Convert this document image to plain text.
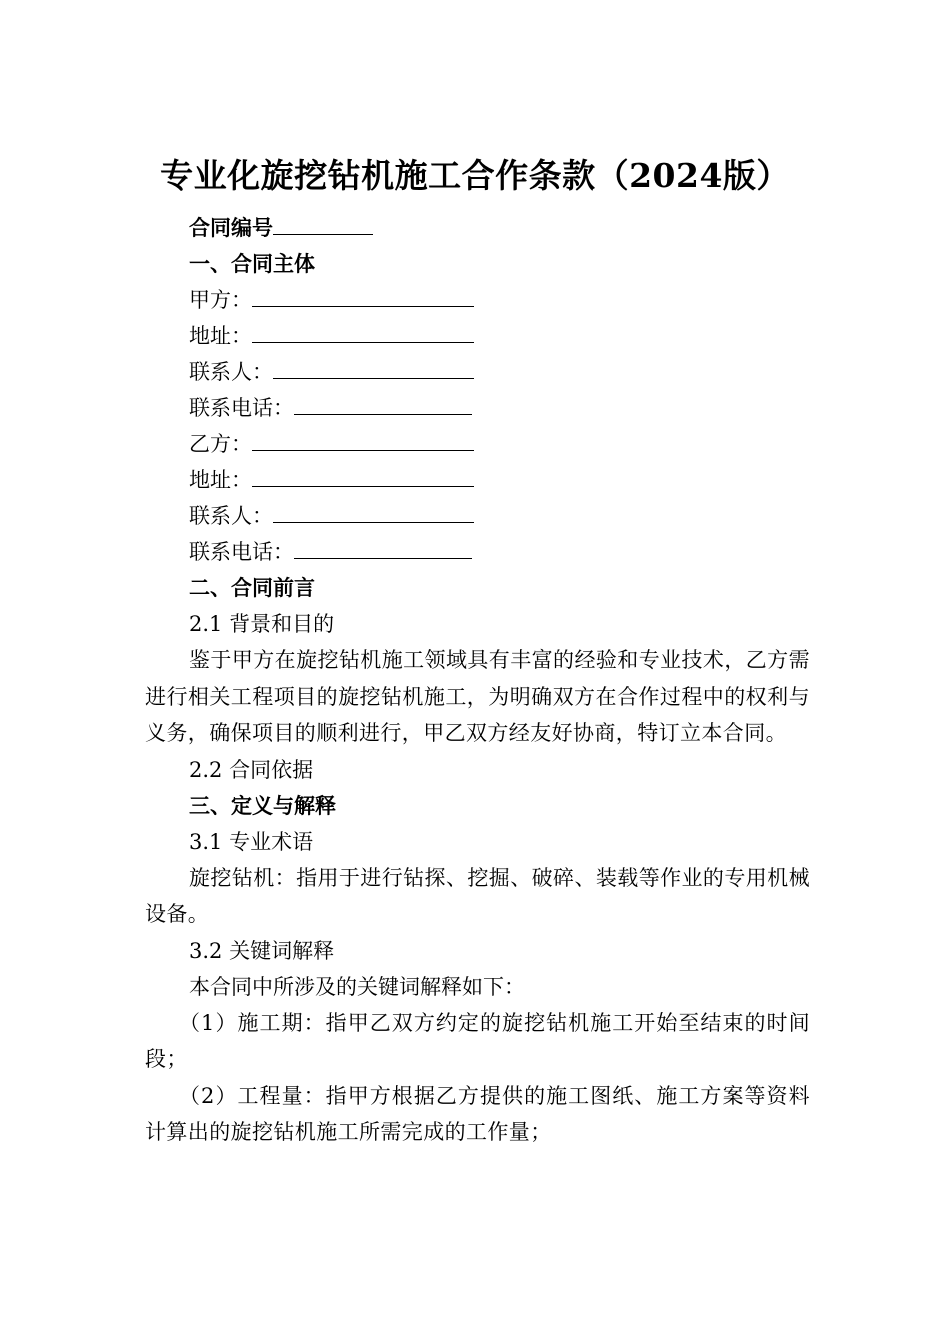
专业化旋挖钻机施工合作条款（2024版）
合同编号
一、合同主体
甲方：
地址：
联系人：
联系电话：
乙方：
地址：
联系人：
联系电话：
二、合同前言
2.1 背景和目的
鉴于甲方在旋挖钻机施工领域具有丰富的经验和专业技术，乙方需进行相关工程项目的旋挖钻机施工，为明确双方在合作过程中的权利与义务，确保项目的顺利进行，甲乙双方经友好协商，特订立本合同。
2.2 合同依据
三、定义与解释
3.1 专业术语
旋挖钻机：指用于进行钻探、挖掘、破碎、装载等作业的专用机械设备。
3.2 关键词解释
本合同中所涉及的关键词解释如下：
（1）施工期：指甲乙双方约定的旋挖钻机施工开始至结束的时间段；
（2）工程量：指甲方根据乙方提供的施工图纸、施工方案等资料计算出的旋挖钻机施工所需完成的工作量；
